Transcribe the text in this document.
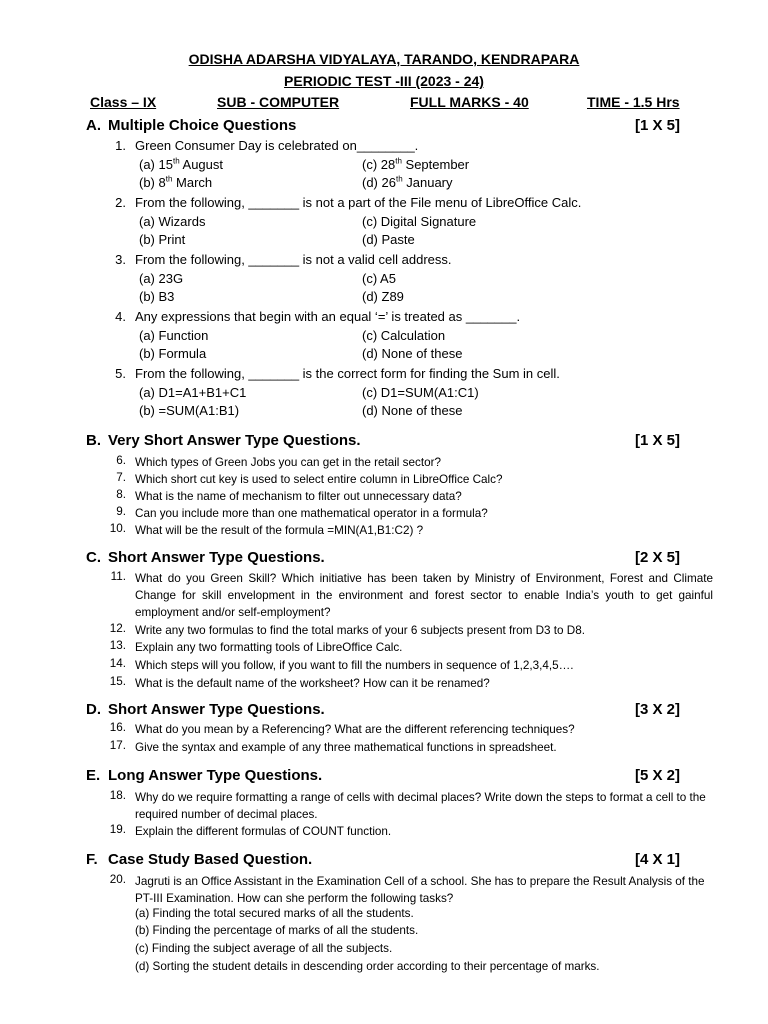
ODISHA ADARSHA VIDYALAYA, TARANDO, KENDRAPARA
PERIODIC TEST -III (2023 - 24)
Class – IX	SUB - COMPUTER	FULL MARKS - 40	TIME - 1.5 Hrs
A. Multiple Choice Questions	[1 X 5]
1. Green Consumer Day is celebrated on________.
(a) 15th August	(c) 28th September
(b) 8th March	(d) 26th January
2. From the following, _______ is not a part of the File menu of LibreOffice Calc.
(a) Wizards	(c) Digital Signature
(b) Print	(d) Paste
3. From the following, _______ is not a valid cell address.
(a) 23G	(c) A5
(b) B3	(d) Z89
4. Any expressions that begin with an equal ‘=’ is treated as _______.
(a) Function	(c) Calculation
(b) Formula	(d) None of these
5. From the following, _______ is the correct form for finding the Sum in cell.
(a) D1=A1+B1+C1	(c) D1=SUM(A1:C1)
(b) =SUM(A1:B1)	(d) None of these
B. Very Short Answer Type Questions.	[1 X 5]
6. Which types of Green Jobs you can get in the retail sector?
7. Which short cut key is used to select entire column in LibreOffice Calc?
8. What is the name of mechanism to filter out unnecessary data?
9. Can you include more than one mathematical operator in a formula?
10. What will be the result of the formula =MIN(A1,B1:C2) ?
C. Short Answer Type Questions.	[2 X 5]
11. What do you Green Skill? Which initiative has been taken by Ministry of Environment, Forest and Climate Change for skill envelopment in the environment and forest sector to enable India’s youth to get gainful employment and/or self-employment?
12. Write any two formulas to find the total marks of your 6 subjects present from D3 to D8.
13. Explain any two formatting tools of LibreOffice Calc.
14. Which steps will you follow, if you want to fill the numbers in sequence of 1,2,3,4,5….
15. What is the default name of the worksheet? How can it be renamed?
D. Short Answer Type Questions.	[3 X 2]
16. What do you mean by a Referencing? What are the different referencing techniques?
17. Give the syntax and example of any three mathematical functions in spreadsheet.
E. Long Answer Type Questions.	[5 X 2]
18. Why do we require formatting a range of cells with decimal places? Write down the steps to format a cell to the required number of decimal places.
19. Explain the different formulas of COUNT function.
F. Case Study Based Question.	[4 X 1]
20. Jagruti is an Office Assistant in the Examination Cell of a school. She has to prepare the Result Analysis of the PT-III Examination. How can she perform the following tasks?
(a) Finding the total secured marks of all the students.
(b) Finding the percentage of marks of all the students.
(c) Finding the subject average of all the subjects.
(d) Sorting the student details in descending order according to their percentage of marks.
